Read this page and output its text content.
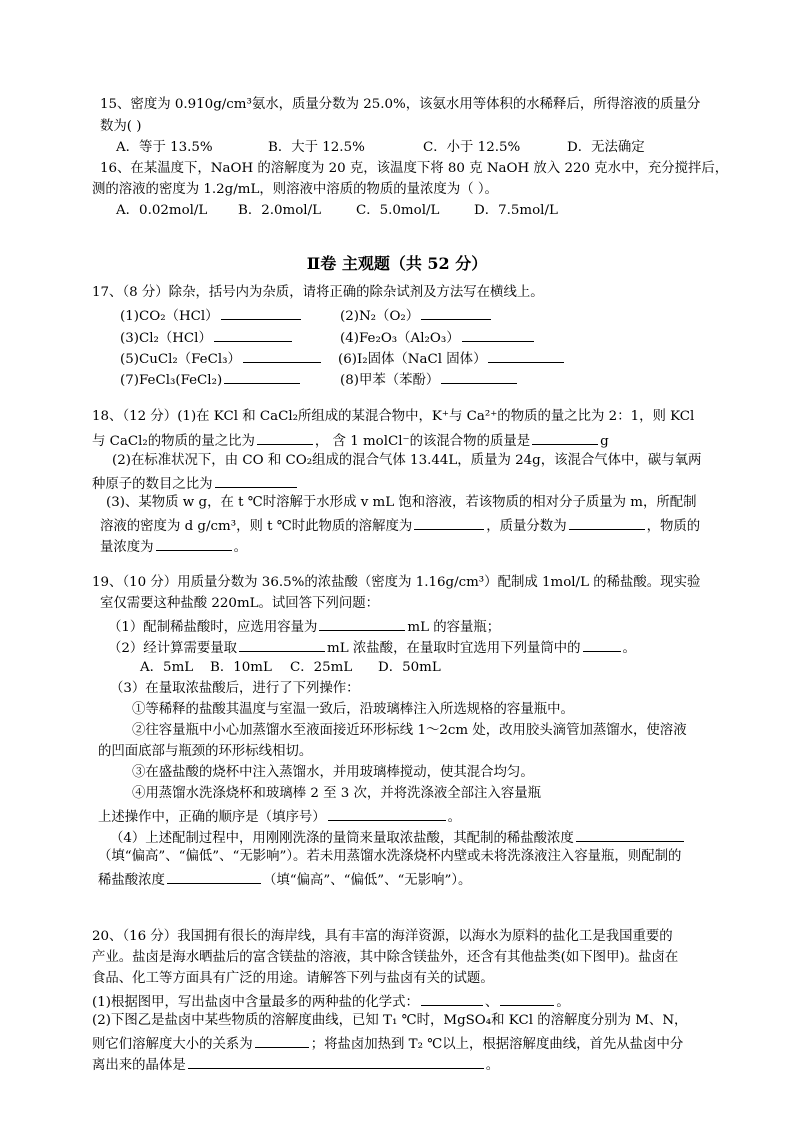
15、密度为 0.910g/cm³氨水，质量分数为 25.0%，该氨水用等体积的水稀释后，所得溶液的质量分
数为( )
A．等于 13.5%	B．大于 12.5%	C．小于 12.5%	D．无法确定
16、在某温度下，NaOH 的溶解度为 20 克，该温度下将 80 克 NaOH 放入 220 克水中，充分搅拌后，
测的溶液的密度为 1.2g/mL，则溶液中溶质的物质的量浓度为（ ）。
A．0.02mol/L B．2.0mol/L	C．5.0mol/L	D．7.5mol/L
Ⅱ卷 主观题（共 52 分）
17、（8 分）除杂，括号内为杂质，请将正确的除杂试剂及方法写在横线上。
(1)CO₂（HCl）	(2)N₂（O₂）
(3)Cl₂（HCl）	(4)Fe₂O₃（Al₂O₃）
(5)CuCl₂（FeCl₃）	(6)I₂固体（NaCl 固体）
(7)FeCl₃(FeCl₂)	(8)甲苯（苯酚）
18、（12 分）(1)在 KCl 和 CaCl₂所组成的某混合物中，K⁺与 Ca²⁺的物质的量之比为 2：1，则 KCl
与 CaCl₂的物质的量之比为	， 含 1 molCl⁻的该混合物的质量是	g
(2)在标准状况下，由 CO 和 CO₂组成的混合气体 13.44L，质量为 24g，该混合气体中，碳与氧两
种原子的数目之比为
(3)、某物质 w g，在 t ℃时溶解于水形成 v mL 饱和溶液，若该物质的相对分子质量为 m，所配制
溶液的密度为 d g/cm³，则 t ℃时此物质的溶解度为	，质量分数为	，物质的
量浓度为	。
19、（10 分）用质量分数为 36.5%的浓盐酸（密度为 1.16g/cm³）配制成 1mol/L 的稀盐酸。现实验
室仅需要这种盐酸 220mL。试回答下列问题：
（1）配制稀盐酸时，应选用容量为	mL 的容量瓶；
（2）经计算需要量取	mL 浓盐酸，在量取时宜选用下列量筒中的	。
A．5mL B．10mL C．25mL D．50mL
（3）在量取浓盐酸后，进行了下列操作：
①等稀释的盐酸其温度与室温一致后，沿玻璃棒注入所选规格的容量瓶中。
②往容量瓶中小心加蒸馏水至液面接近环形标线 1～2cm 处，改用胶头滴管加蒸馏水，使溶液
的凹面底部与瓶颈的环形标线相切。
③在盛盐酸的烧杯中注入蒸馏水，并用玻璃棒搅动，使其混合均匀。
④用蒸馏水洗涤烧杯和玻璃棒 2 至 3 次，并将洗涤液全部注入容量瓶
上述操作中，正确的顺序是（填序号）	。
（4）上述配制过程中，用刚刚洗涤的量筒来量取浓盐酸，其配制的稀盐酸浓度
（填“偏高”、“偏低”、“无影响”）。若未用蒸馏水洗涤烧杯内壁或未将洗涤液注入容量瓶，则配制的
稀盐酸浓度	（填“偏高”、“偏低”、“无影响”）。
20、（16 分）我国拥有很长的海岸线，具有丰富的海洋资源，以海水为原料的盐化工是我国重要的
产业。盐卤是海水晒盐后的富含镁盐的溶液，其中除含镁盐外，还含有其他盐类(如下图甲)。盐卤在
食品、化工等方面具有广泛的用途。请解答下列与盐卤有关的试题。
(1)根据图甲，写出盐卤中含量最多的两种盐的化学式：	、	。
(2)下图乙是盐卤中某些物质的溶解度曲线，已知 T₁ ℃时，MgSO₄和 KCl 的溶解度分别为 M、N，
则它们溶解度大小的关系为	；将盐卤加热到 T₂ ℃以上，根据溶解度曲线，首先从盐卤中分
离出来的晶体是	。
